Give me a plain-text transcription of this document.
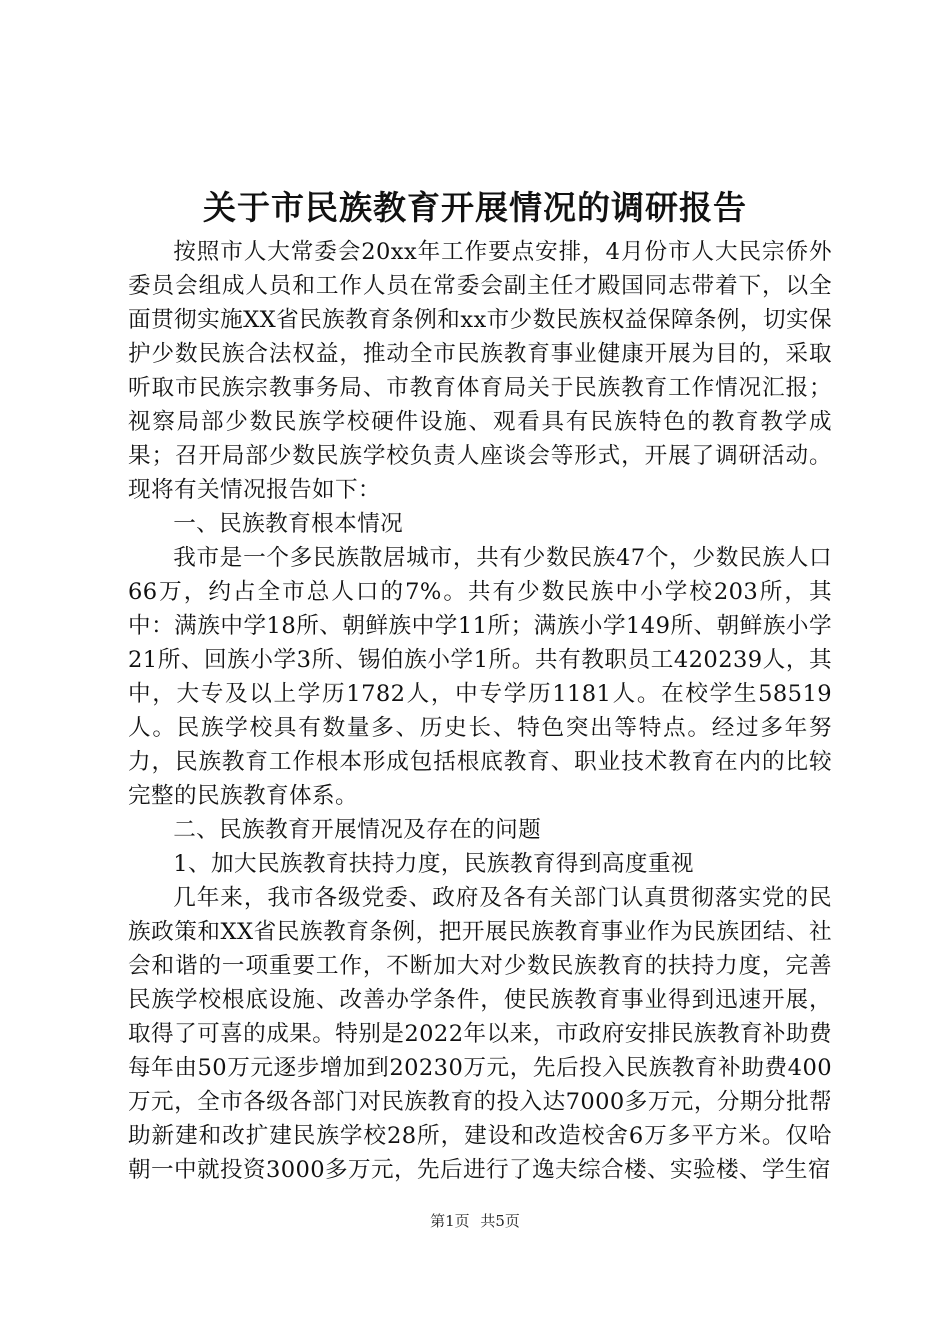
关于市民族教育开展情况的调研报告

按照市人大常委会20xx年工作要点安排，4月份市人大民宗侨外委员会组成人员和工作人员在常委会副主任才殿国同志带着下，以全面贯彻实施XX省民族教育条例和xx市少数民族权益保障条例，切实保护少数民族合法权益，推动全市民族教育事业健康开展为目的，采取听取市民族宗教事务局、市教育体育局关于民族教育工作情况汇报；视察局部少数民族学校硬件设施、观看具有民族特色的教育教学成果；召开局部少数民族学校负责人座谈会等形式，开展了调研活动。现将有关情况报告如下：

一、民族教育根本情况

我市是一个多民族散居城市，共有少数民族47个，少数民族人口66万，约占全市总人口的7%。共有少数民族中小学校203所，其中：满族中学18所、朝鲜族中学11所；满族小学149所、朝鲜族小学21所、回族小学3所、锡伯族小学1所。共有教职员工420239人，其中，大专及以上学历1782人，中专学历1181人。在校学生58519人。民族学校具有数量多、历史长、特色突出等特点。经过多年努力，民族教育工作根本形成包括根底教育、职业技术教育在内的比较完整的民族教育体系。

二、民族教育开展情况及存在的问题

1、加大民族教育扶持力度，民族教育得到高度重视

几年来，我市各级党委、政府及各有关部门认真贯彻落实党的民族政策和XX省民族教育条例，把开展民族教育事业作为民族团结、社会和谐的一项重要工作，不断加大对少数民族教育的扶持力度，完善民族学校根底设施、改善办学条件，使民族教育事业得到迅速开展，取得了可喜的成果。特别是2022年以来，市政府安排民族教育补助费每年由50万元逐步增加到20230万元，先后投入民族教育补助费400万元，全市各级各部门对民族教育的投入达7000多万元，分期分批帮助新建和改扩建民族学校28所，建设和改造校舍6万多平方米。仅哈朝一中就投资3000多万元，先后进行了逸夫综合楼、实验楼、学生宿

第1页 共5页
